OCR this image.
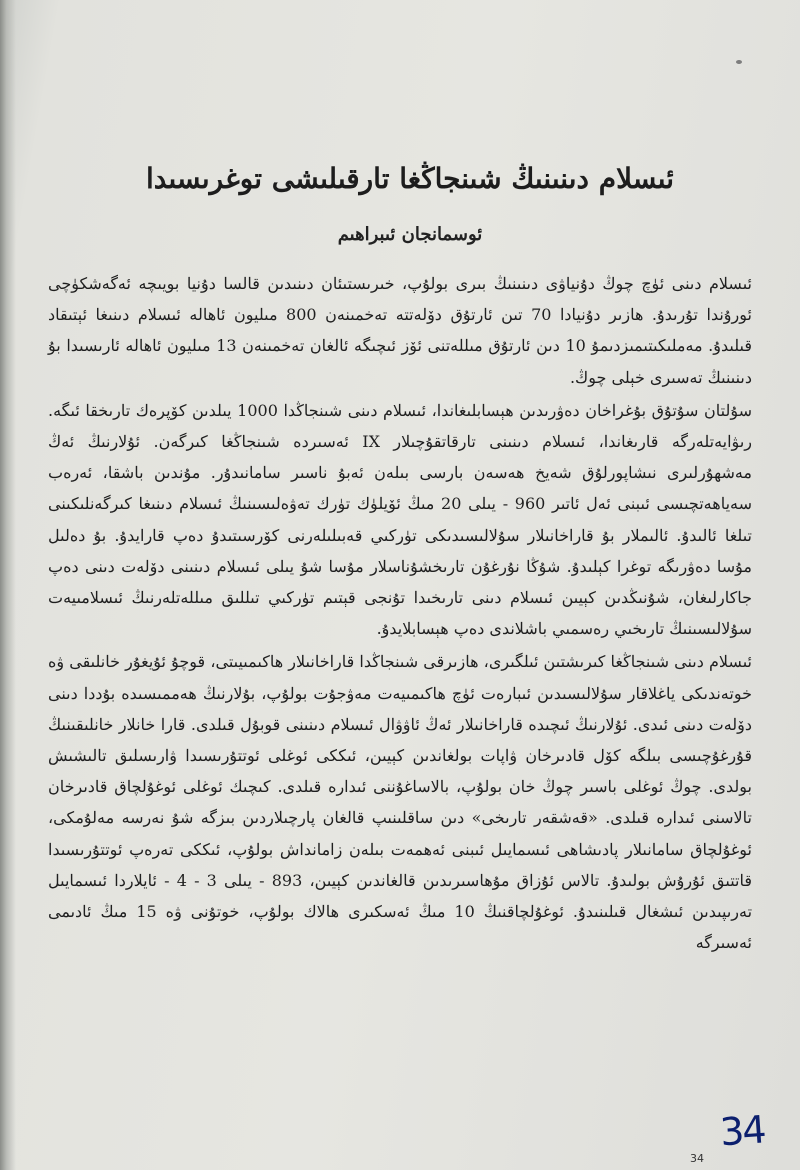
ئىسلام دىنىنىڭ شىنجاڭغا تارقىلىشى توغرىسىدا
ئوسمانجان ئىبراھىم

ئىسلام دىنى ئۈچ چوڭ دۇنياۋى دىنىنىڭ بىرى بولۇپ، خىرىستىئان دىنىدىن قالسا دۇنيا بويىچە ئەگەشكۈچى ئورۇندا تۇرىدۇ. ھازىر دۇنيادا 70 تىن ئارتۇق دۆلەتتە تەخمىنەن 800 مىليون ئاھالە ئىسلام دىنىغا ئېتىقاد قىلىدۇ. مەملىكىتىمىزدىمۇ 10 دىن ئارتۇق مىللەتنى ئۆز ئىچىگە ئالغان تەخمىنەن 13 مىليون ئاھالە ئارىسىدا بۇ دىنىنىڭ تەسىرى خېلى چوڭ.

سۇلتان سۇتۇق بۇغراخان دەۋرىدىن ھېسابلىغاندا، ئىسلام دىنى شىنجاڭدا 1000 يىلدىن كۆپرەك تارىخقا ئىگە. رىۋايەتلەرگە قارىغاندا، ئىسلام دىنىنى تارقاتقۇچىلار IX ئەسىردە شىنجاڭغا كىرگەن. ئۇلارنىڭ ئەڭ مەشھۇرلىرى نىشاپورلۇق شەيخ ھەسەن بارسى بىلەن ئەبۇ ناسىر سامانىدۇر. مۇندىن باشقا، ئەرەب سەياھەتچىسى ئىبنى ئەل ئاتىر 960 - يىلى 20 مىڭ ئۆيلۈك تۈرك تەۋەلىسىنىڭ ئىسلام دىنىغا كىرگەنلىكىنى تىلغا ئالىدۇ. ئالىملار بۇ قاراخانىلار سۇلالىسىدىكى تۈركىي قەبىلىلەرنى كۆرسىتىدۇ دەپ قارايدۇ. بۇ دەلىل مۇسا دەۋرىگە توغرا كېلىدۇ. شۇڭا نۇرغۇن تارىخشۇناسلار مۇسا شۇ يىلى ئىسلام دىنىنى دۆلەت دىنى دەپ جاكارلىغان، شۇنىڭدىن كېيىن ئىسلام دىنى تارىخىدا تۇنجى قېتىم تۈركىي تىللىق مىللەتلەرنىڭ ئىسلامىيەت سۇلالىسىنىڭ تارىخىي رەسمىي باشلاندى دەپ ھېسابلايدۇ.

ئىسلام دىنى شىنجاڭغا كىرىشتىن ئىلگىرى، ھازىرقى شىنجاڭدا قاراخانىلار ھاكىمىيىتى، قوچۇ ئۇيغۇر خانلىقى ۋە خوتەندىكى ياغلاقار سۇلالىسىدىن ئىبارەت ئۈچ ھاكىمىيەت مەۋجۇت بولۇپ، بۇلارنىڭ ھەممىسىدە بۇددا دىنى دۆلەت دىنى ئىدى. ئۇلارنىڭ ئىچىدە قاراخانىلار ئەڭ ئاۋۋال ئىسلام دىنىنى قوبۇل قىلدى. قارا خانلار خانلىقىنىڭ قۇرغۇچىسى بىلگە كۆل قادىرخان ۋاپات بولغاندىن كېيىن، ئىككى ئوغلى ئوتتۇرىسىدا ۋارىسلىق تالىشىش بولدى. چوڭ ئوغلى باسىر چوڭ خان بولۇپ، بالاساغۇننى ئىدارە قىلدى. كىچىك ئوغلى ئوغۇلچاق قادىرخان تالاسنى ئىدارە قىلدى. «قەشقەر تارىخى» دىن ساقلىنىپ قالغان پارچىلاردىن بىزگە شۇ نەرسە مەلۇمكى، ئوغۇلچاق سامانىلار پادىشاھى ئىسمايىل ئىبنى ئەھمەت بىلەن زامانداش بولۇپ، ئىككى تەرەپ ئوتتۇرىسىدا قاتتىق ئۇرۇش بولىدۇ. تالاس ئۇزاق مۇھاسىرىدىن قالغاندىن كېيىن، 893 - يىلى 3 - 4 - ئايلاردا ئىسمايىل تەرىپىدىن ئىشغال قىلىنىدۇ. ئوغۇلچاقنىڭ 10 مىڭ ئەسكىرى ھالاك بولۇپ، خوتۇنى ۋە 15 مىڭ ئادىمى ئەسىرگە

34
34
